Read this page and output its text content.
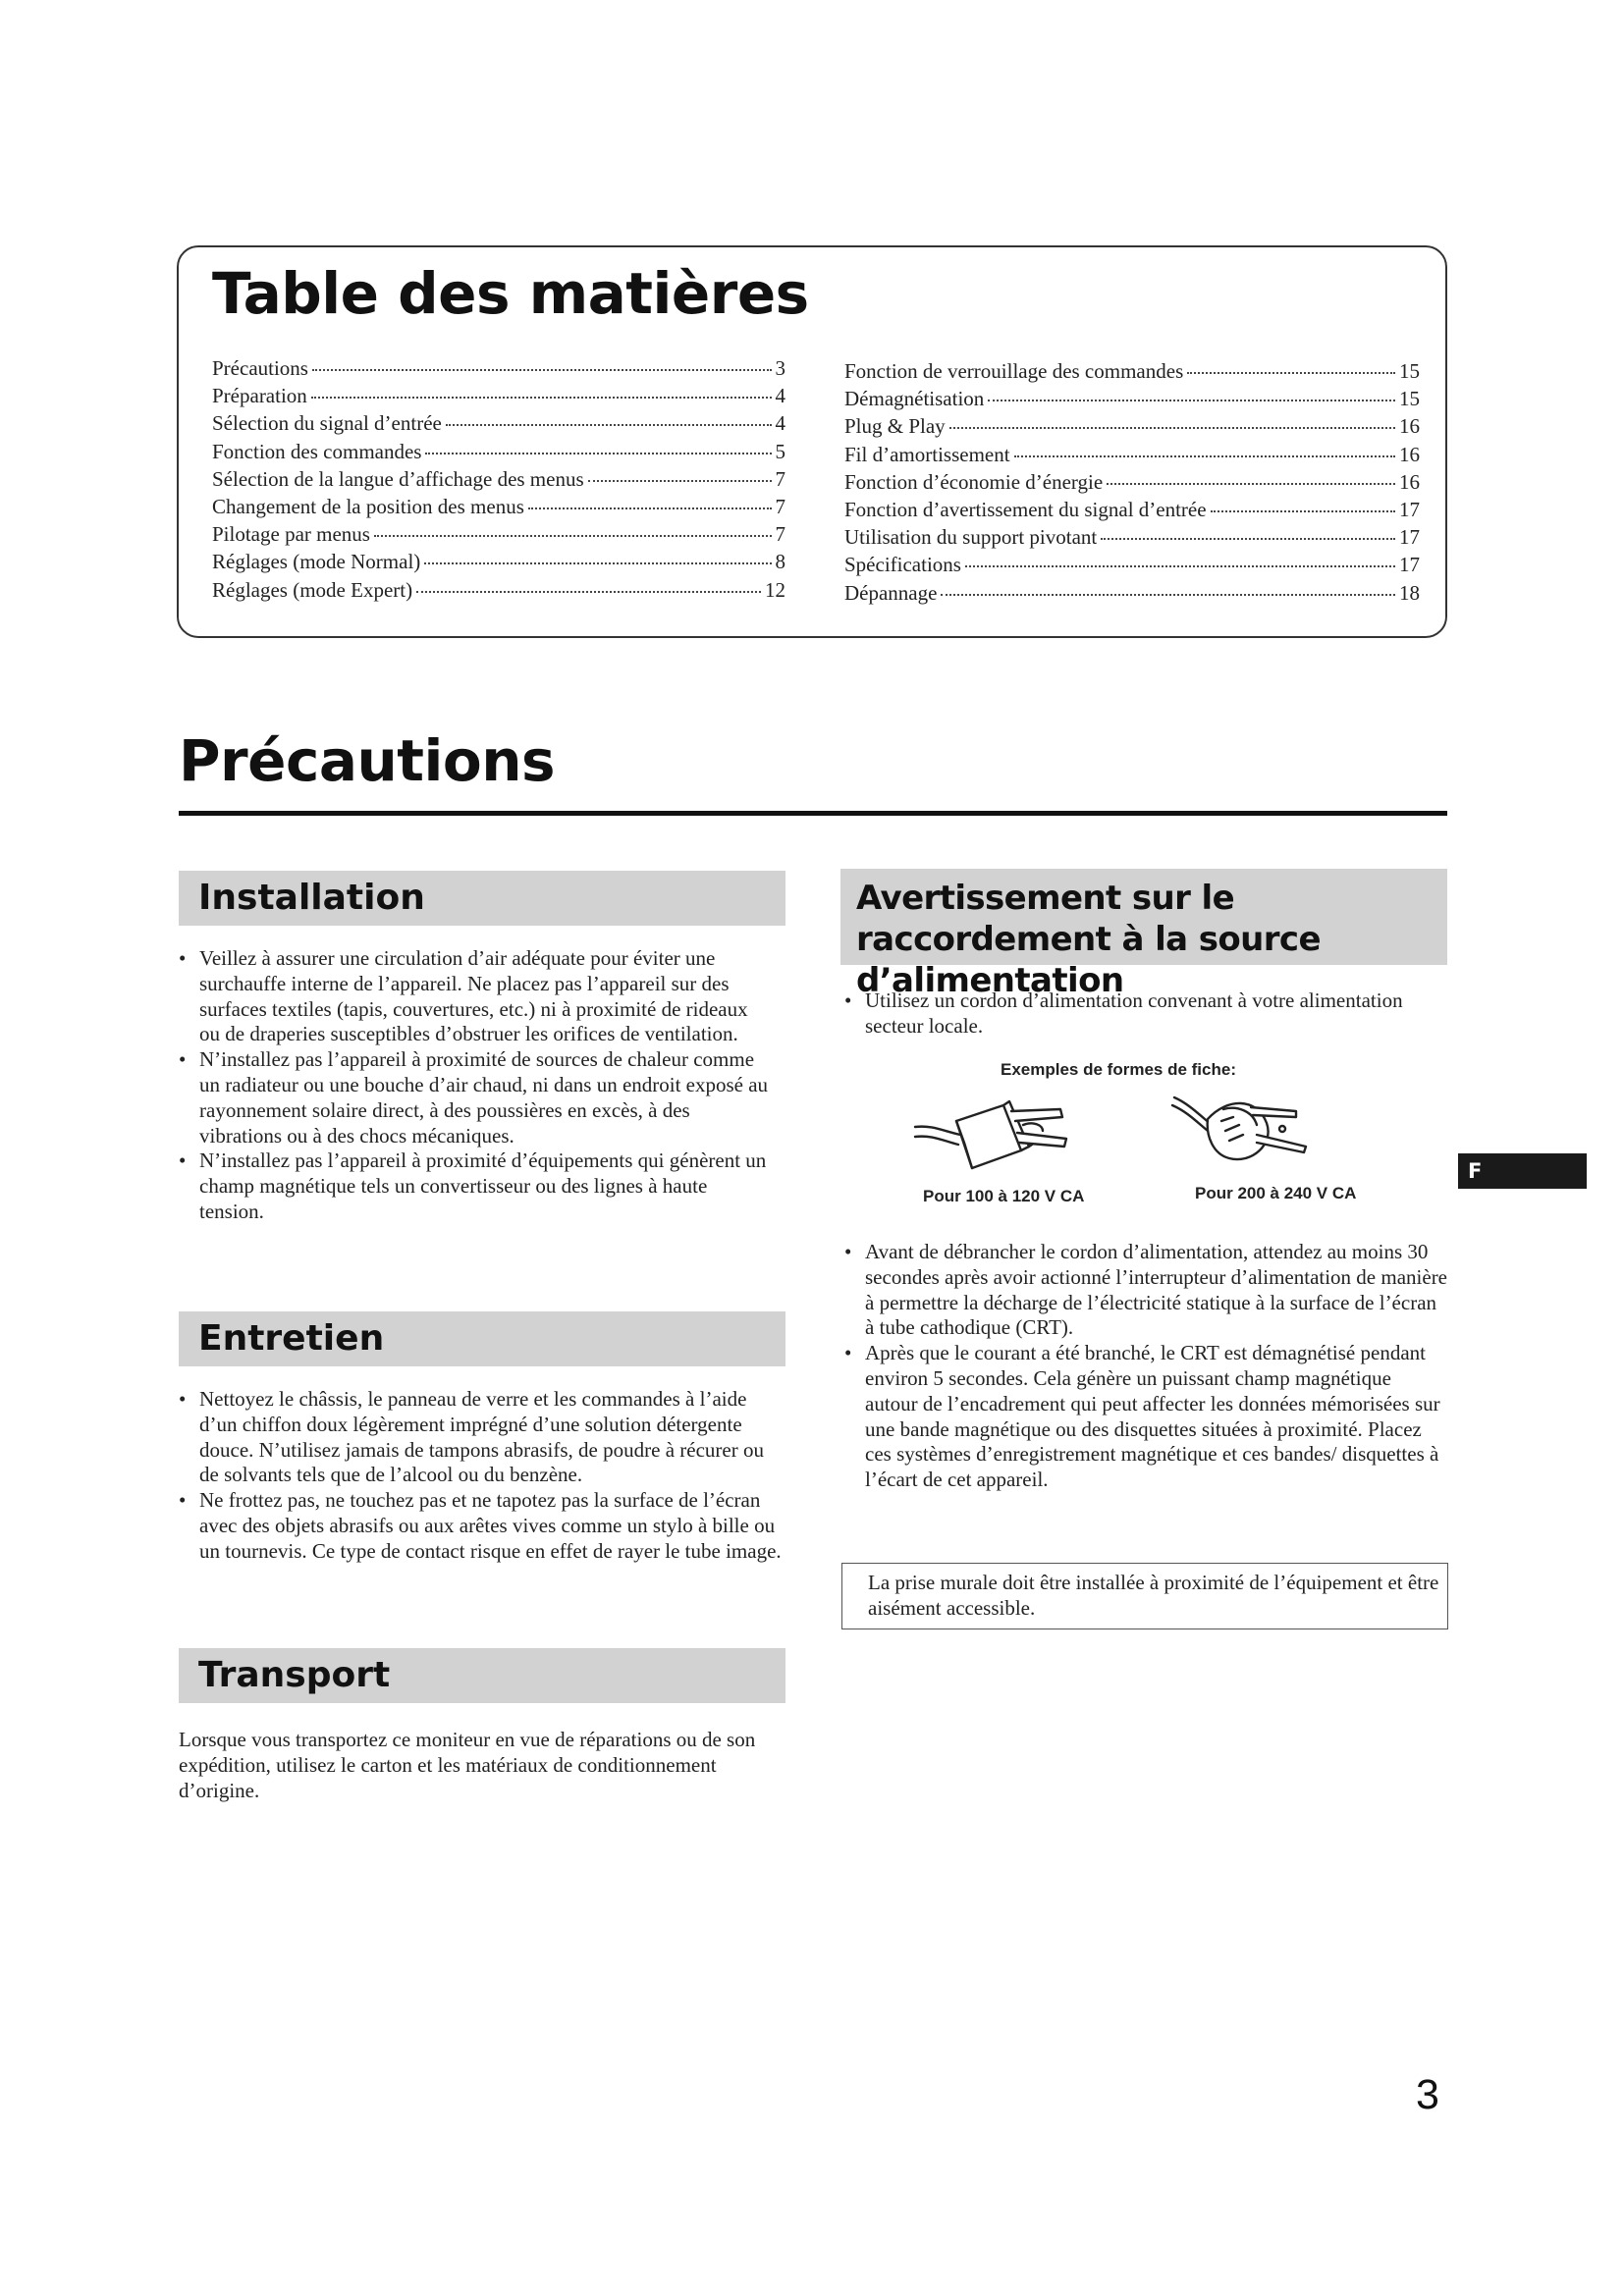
Table des matières
Précautions	3
Préparation	4
Sélection du signal d’entrée	4
Fonction des commandes	5
Sélection de la langue d’affichage des menus	7
Changement de la position des menus	7
Pilotage par menus	7
Réglages (mode Normal)	8
Réglages (mode Expert)	12
Fonction de verrouillage des commandes	15
Démagnétisation	15
Plug & Play	16
Fil d’amortissement	16
Fonction d’économie d’énergie	16
Fonction d’avertissement du signal d’entrée	17
Utilisation du support pivotant	17
Spécifications	17
Dépannage	18
Précautions
Installation
• Veillez à assurer une circulation d’air adéquate pour éviter une surchauffe interne de l’appareil. Ne placez pas l’appareil sur des surfaces textiles (tapis, couvertures, etc.) ni à proximité de rideaux ou de draperies susceptibles d’obstruer les orifices de ventilation.
• N’installez pas l’appareil à proximité de sources de chaleur comme un radiateur ou une bouche d’air chaud, ni dans un endroit exposé au rayonnement solaire direct, à des poussières en excès, à des vibrations ou à des chocs mécaniques.
• N’installez pas l’appareil à proximité d’équipements qui génèrent un champ magnétique tels un convertisseur ou des lignes à haute tension.
Entretien
• Nettoyez le châssis, le panneau de verre et les commandes à l’aide d’un chiffon doux légèrement imprégné d’une solution détergente douce. N’utilisez jamais de tampons abrasifs, de poudre à récurer ou de solvants tels que de l’alcool ou du benzène.
• Ne frottez pas, ne touchez pas et ne tapotez pas la surface de l’écran avec des objets abrasifs ou aux arêtes vives comme un stylo à bille ou un tournevis. Ce type de contact risque en effet de rayer le tube image.
Transport

Lorsque vous transportez ce moniteur en vue de réparations ou de son expédition, utilisez le carton et les matériaux de conditionnement d’origine.

Avertissement sur le raccordement à la source d’alimentation
• Utilisez un cordon d’alimentation convenant à votre alimentation secteur locale.
Exemples de formes de fiche:
Pour 100 à 120 V CA	Pour 200 à 240 V CA
• Avant de débrancher le cordon d’alimentation, attendez au moins 30 secondes après avoir actionné l’interrupteur d’alimentation de manière à permettre la décharge de l’électricité statique à la surface de l’écran à tube cathodique (CRT).
• Après que le courant a été branché, le CRT est démagnétisé pendant environ 5 secondes. Cela génère un puissant champ magnétique autour de l’encadrement qui peut affecter les données mémorisées sur une bande magnétique ou des disquettes situées à proximité. Placez ces systèmes d’enregistrement magnétique et ces bandes/ disquettes à l’écart de cet appareil.
La prise murale doit être installée à proximité de l’équipement et être aisément accessible.
F
3
